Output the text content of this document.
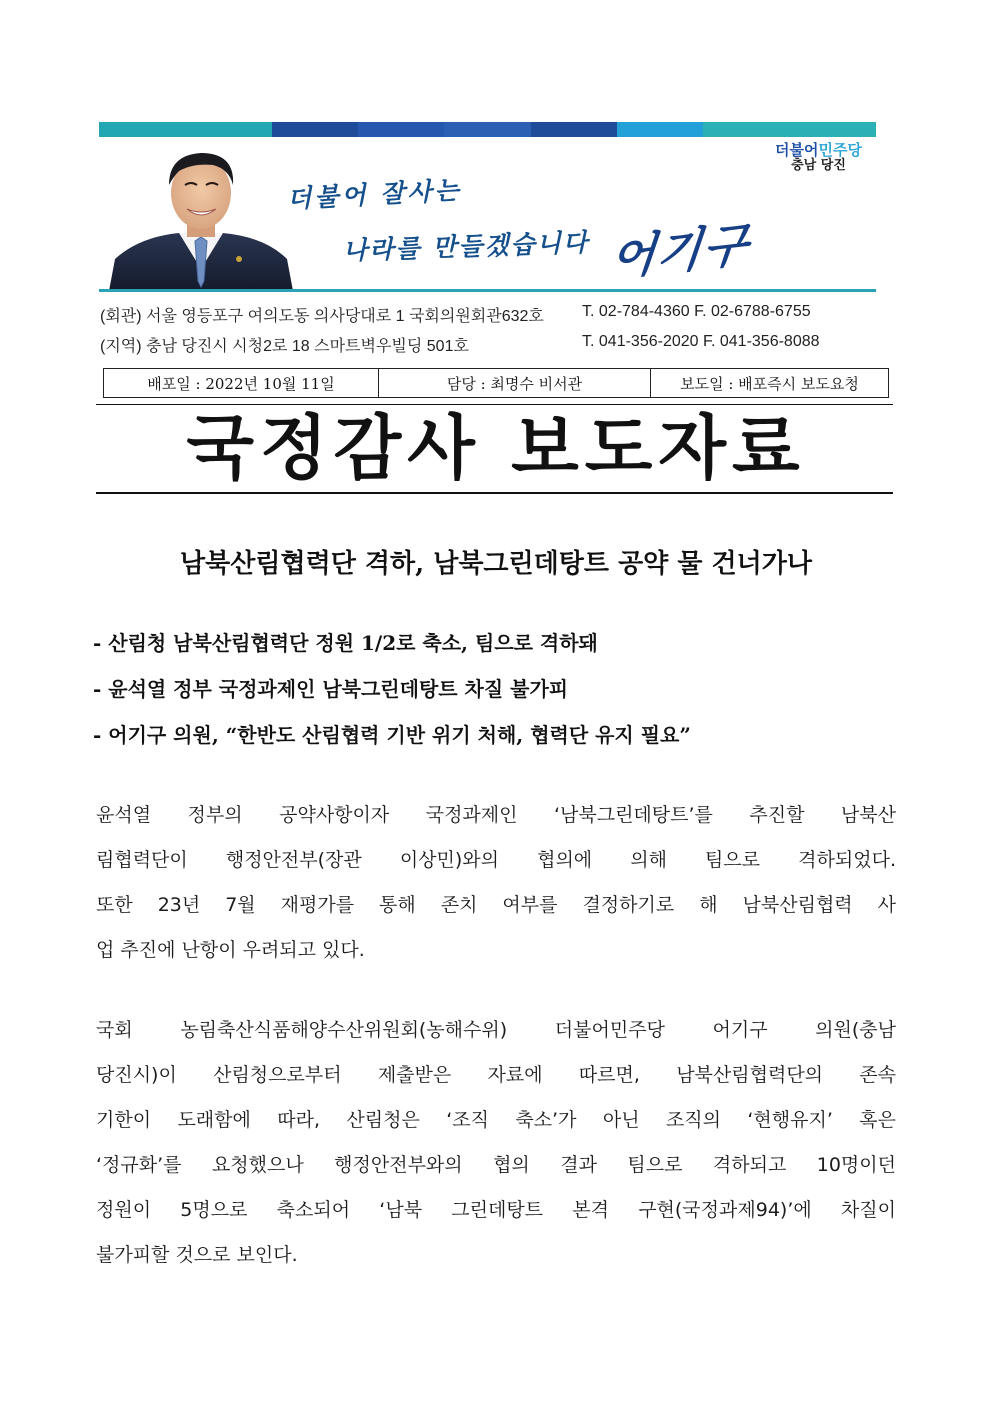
더불어민주당
충남 당진
더불어 잘사는
나라를 만들겠습니다 어기구
(회관) 서울 영등포구 여의도동 의사당대로 1 국회의원회관632호 T. 02-784-4360 F. 02-6788-6755
(지역) 충남 당진시 시청2로 18 스마트벽우빌딩 501호	T. 041-356-2020 F. 041-356-8088
배포일 : 2022년 10월 11일	담당 : 최명수 비서관	보도일 : 배포즉시 보도요청
국정감사 보도자료
남북산림협력단 격하, 남북그린데탕트 공약 물 건너가나
- 산림청 남북산림협력단 정원 1/2로 축소, 팀으로 격하돼
- 윤석열 정부 국정과제인 남북그린데탕트 차질 불가피
- 어기구 의원, “한반도 산림협력 기반 위기 처해, 협력단 유지 필요”
윤석열 정부의 공약사항이자 국정과제인 ‘남북그린데탕트’를 추진할 남북산
림협력단이 행정안전부(장관 이상민)와의 협의에 의해 팀으로 격하되었다.
또한 23년 7월 재평가를 통해 존치 여부를 결정하기로 해 남북산림협력 사
업 추진에 난항이 우려되고 있다.
국회 농림축산식품해양수산위원회(농해수위) 더불어민주당 어기구 의원(충남
당진시)이 산림청으로부터 제출받은 자료에 따르면, 남북산림협력단의 존속
기한이 도래함에 따라, 산림청은 ‘조직 축소’가 아닌 조직의 ‘현행유지’ 혹은
‘정규화’를 요청했으나 행정안전부와의 협의 결과 팀으로 격하되고 10명이던
정원이 5명으로 축소되어 ‘남북 그린데탕트 본격 구현(국정과제94)’에 차질이
불가피할 것으로 보인다.
